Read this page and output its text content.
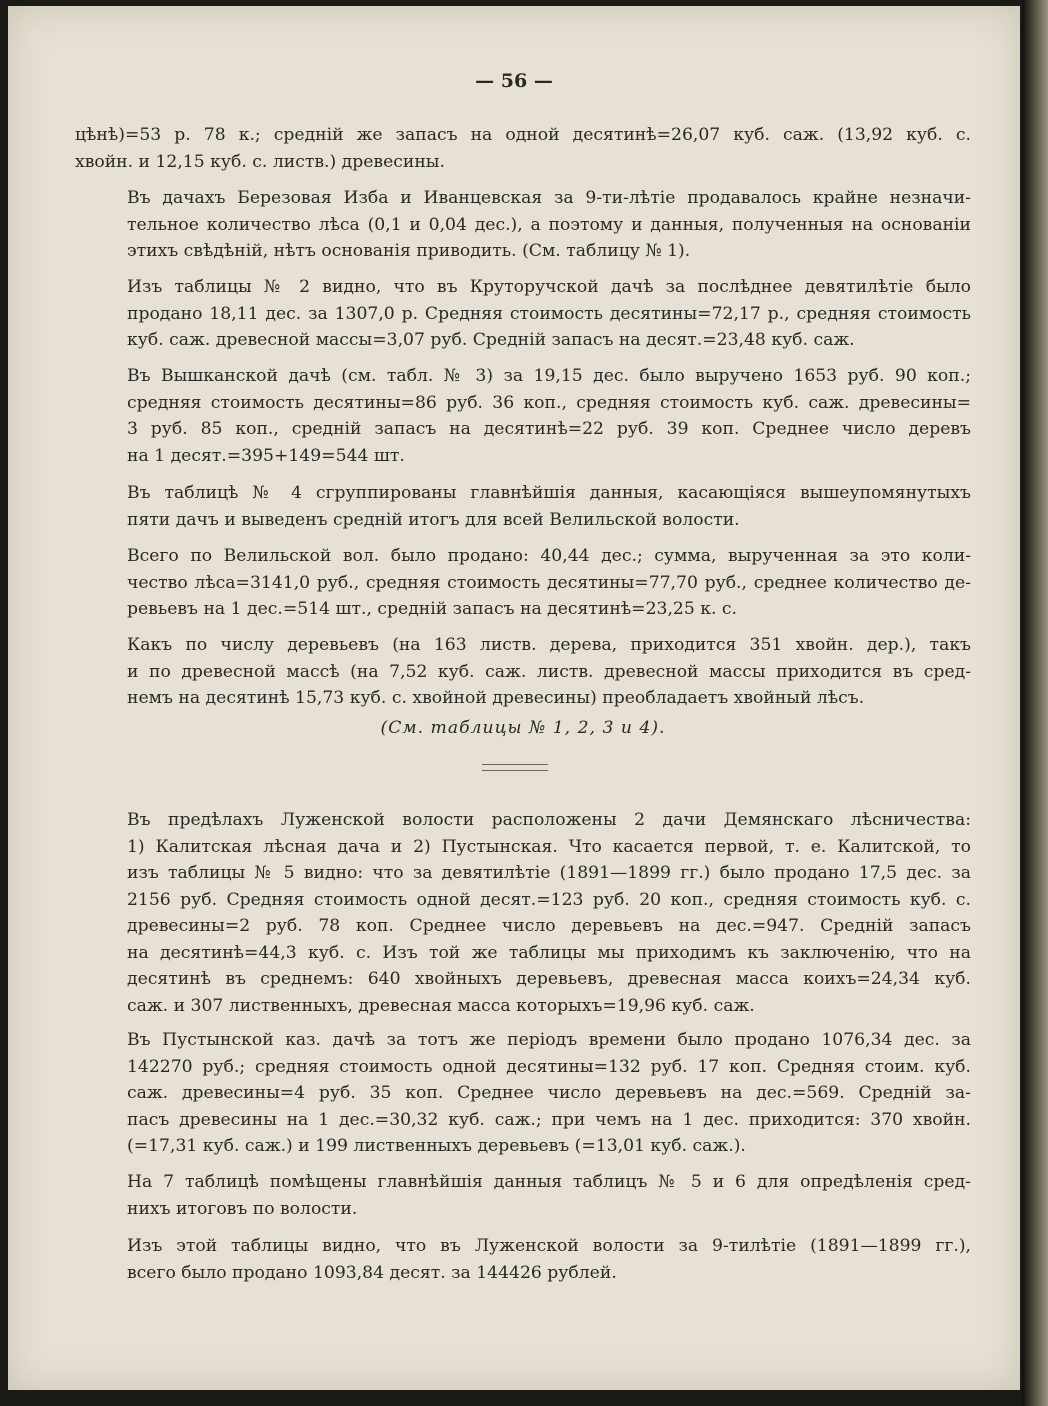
— 56 —

цѣнѣ)=53 р. 78 к.; среднiй же запасъ на одной десятинѣ=26,07 куб. саж. (13,92 куб. с.
хвойн. и 12,15 куб. с. листв.) древесины.

Въ дачахъ Березовая Изба и Иванцевская за 9-ти-лѣтiе продавалось крайне незначи-
тельное количество лѣса (0,1 и 0,04 дес.), а поэтому и данныя, полученныя на основанiи
этихъ свѣдѣнiй, нѣтъ основанiя приводить. (См. таблицу № 1).

Изъ таблицы № 2 видно, что въ Круторучской дачѣ за послѣднее девятилѣтiе было
продано 18,11 дес. за 1307,0 р. Средняя стоимость десятины=72,17 р., средняя стоимость
куб. саж. древесной массы=3,07 руб. Среднiй запасъ на десят.=23,48 куб. саж.

Въ Вышканской дачѣ (см. табл. № 3) за 19,15 дес. было выручено 1653 руб. 90 коп.;
средняя стоимость десятины=86 руб. 36 коп., средняя стоимость куб. саж. древесины=
3 руб. 85 коп., среднiй запасъ на десятинѣ=22 руб. 39 коп. Среднее число деревъ
на 1 десят.=395+149=544 шт.

Въ таблицѣ № 4 сгруппированы главнѣйшiя данныя, касающiяся вышеупомянутыхъ
пяти дачъ и выведенъ среднiй итогъ для всей Велильской волости.

Всего по Велильской вол. было продано: 40,44 дес.; сумма, вырученная за это коли-
чество лѣса=3141,0 руб., средняя стоимость десятины=77,70 руб., среднее количество де-
ревьевъ на 1 дес.=514 шт., среднiй запасъ на десятинѣ=23,25 к. с.

Какъ по числу деревьевъ (на 163 листв. дерева, приходится 351 хвойн. дер.), такъ
и по древесной массѣ (на 7,52 куб. саж. листв. древесной массы приходится въ сред-
немъ на десятинѣ 15,73 куб. с. хвойной древесины) преобладаетъ хвойный лѣсъ.

(См. таблицы № 1, 2, 3 и 4).

Въ предѣлахъ Луженской волости расположены 2 дачи Демянскаго лѣсничества:
1) Калитская лѣсная дача и 2) Пустынская. Что касается первой, т. е. Калитской, то
изъ таблицы № 5 видно: что за девятилѣтiе (1891—1899 гг.) было продано 17,5 дес. за
2156 руб. Средняя стоимость одной десят.=123 руб. 20 коп., средняя стоимость куб. с.
древесины=2 руб. 78 коп. Среднее число деревьевъ на дес.=947. Среднiй запасъ
на десятинѣ=44,3 куб. с. Изъ той же таблицы мы приходимъ къ заключенiю, что на
десятинѣ въ среднемъ: 640 хвойныхъ деревьевъ, древесная масса коихъ=24,34 куб.
саж. и 307 лиственныхъ, древесная масса которыхъ=19,96 куб. саж.

Въ Пустынской каз. дачѣ за тотъ же перiодъ времени было продано 1076,34 дес. за
142270 руб.; средняя стоимость одной десятины=132 руб. 17 коп. Средняя стоим. куб.
саж. древесины=4 руб. 35 коп. Среднее число деревьевъ на дес.=569. Среднiй за-
пасъ древесины на 1 дес.=30,32 куб. саж.; при чемъ на 1 дес. приходится: 370 хвойн.
(=17,31 куб. саж.) и 199 лиственныхъ деревьевъ (=13,01 куб. саж.).

На 7 таблицѣ помѣщены главнѣйшiя данныя таблицъ № 5 и 6 для опредѣленiя сред-
нихъ итоговъ по волости.

Изъ этой таблицы видно, что въ Луженской волости за 9-тилѣтiе (1891—1899 гг.),
всего было продано 1093,84 десят. за 144426 рублей.
